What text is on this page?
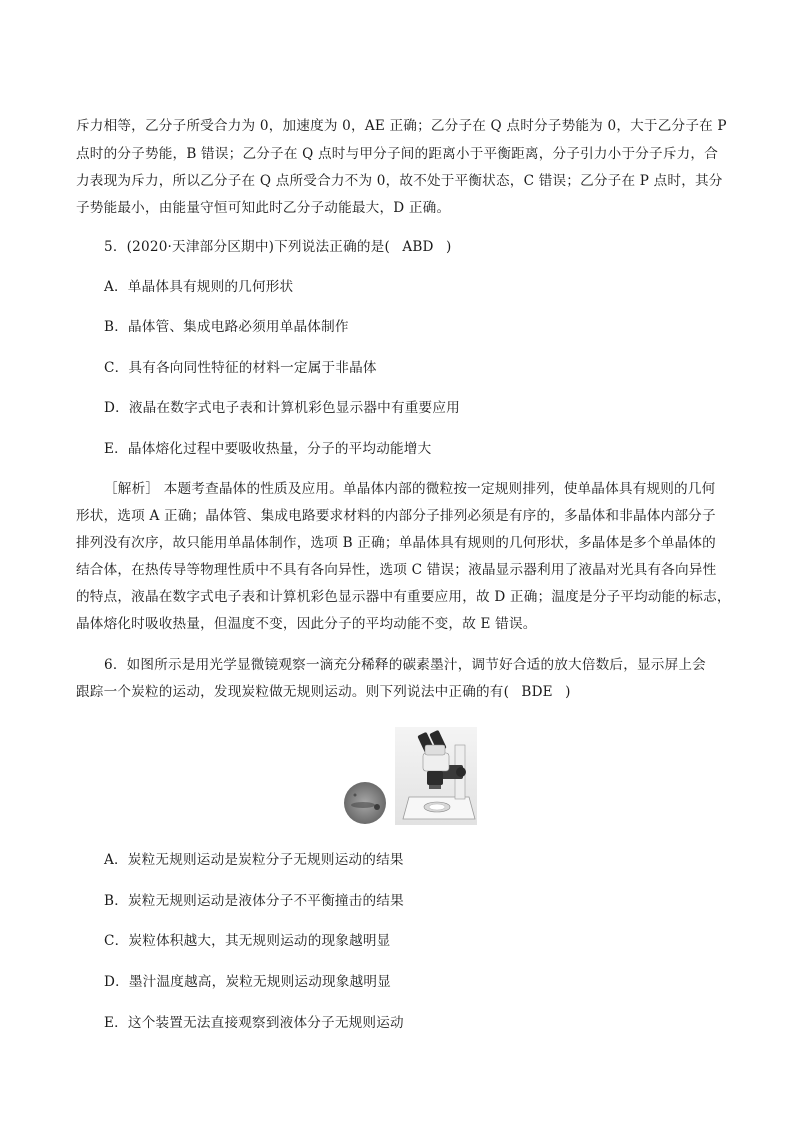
斥力相等，乙分子所受合力为 0，加速度为 0，AE 正确；乙分子在 Q 点时分子势能为 0，大于乙分子在 P
点时的分子势能，B 错误；乙分子在 Q 点时与甲分子间的距离小于平衡距离，分子引力小于分子斥力，合
力表现为斥力，所以乙分子在 Q 点所受合力不为 0，故不处于平衡状态，C 错误；乙分子在 P 点时，其分
子势能最小，由能量守恒可知此时乙分子动能最大，D 正确。
5．(2020·天津部分区期中)下列说法正确的是( ABD )
A．单晶体具有规则的几何形状
B．晶体管、集成电路必须用单晶体制作
C．具有各向同性特征的材料一定属于非晶体
D．液晶在数字式电子表和计算机彩色显示器中有重要应用
E．晶体熔化过程中要吸收热量，分子的平均动能增大
［解析］ 本题考查晶体的性质及应用。单晶体内部的微粒按一定规则排列，使单晶体具有规则的几何
形状，选项 A 正确；晶体管、集成电路要求材料的内部分子排列必须是有序的，多晶体和非晶体内部分子
排列没有次序，故只能用单晶体制作，选项 B 正确；单晶体具有规则的几何形状，多晶体是多个单晶体的
结合体，在热传导等物理性质中不具有各向异性，选项 C 错误；液晶显示器利用了液晶对光具有各向异性
的特点，液晶在数字式电子表和计算机彩色显示器中有重要应用，故 D 正确；温度是分子平均动能的标志，
晶体熔化时吸收热量，但温度不变，因此分子的平均动能不变，故 E 错误。
6．如图所示是用光学显微镜观察一滴充分稀释的碳素墨汁，调节好合适的放大倍数后，显示屏上会
跟踪一个炭粒的运动，发现炭粒做无规则运动。则下列说法中正确的有( BDE )
A．炭粒无规则运动是炭粒分子无规则运动的结果
B．炭粒无规则运动是液体分子不平衡撞击的结果
C．炭粒体积越大，其无规则运动的现象越明显
D．墨汁温度越高，炭粒无规则运动现象越明显
E．这个装置无法直接观察到液体分子无规则运动
